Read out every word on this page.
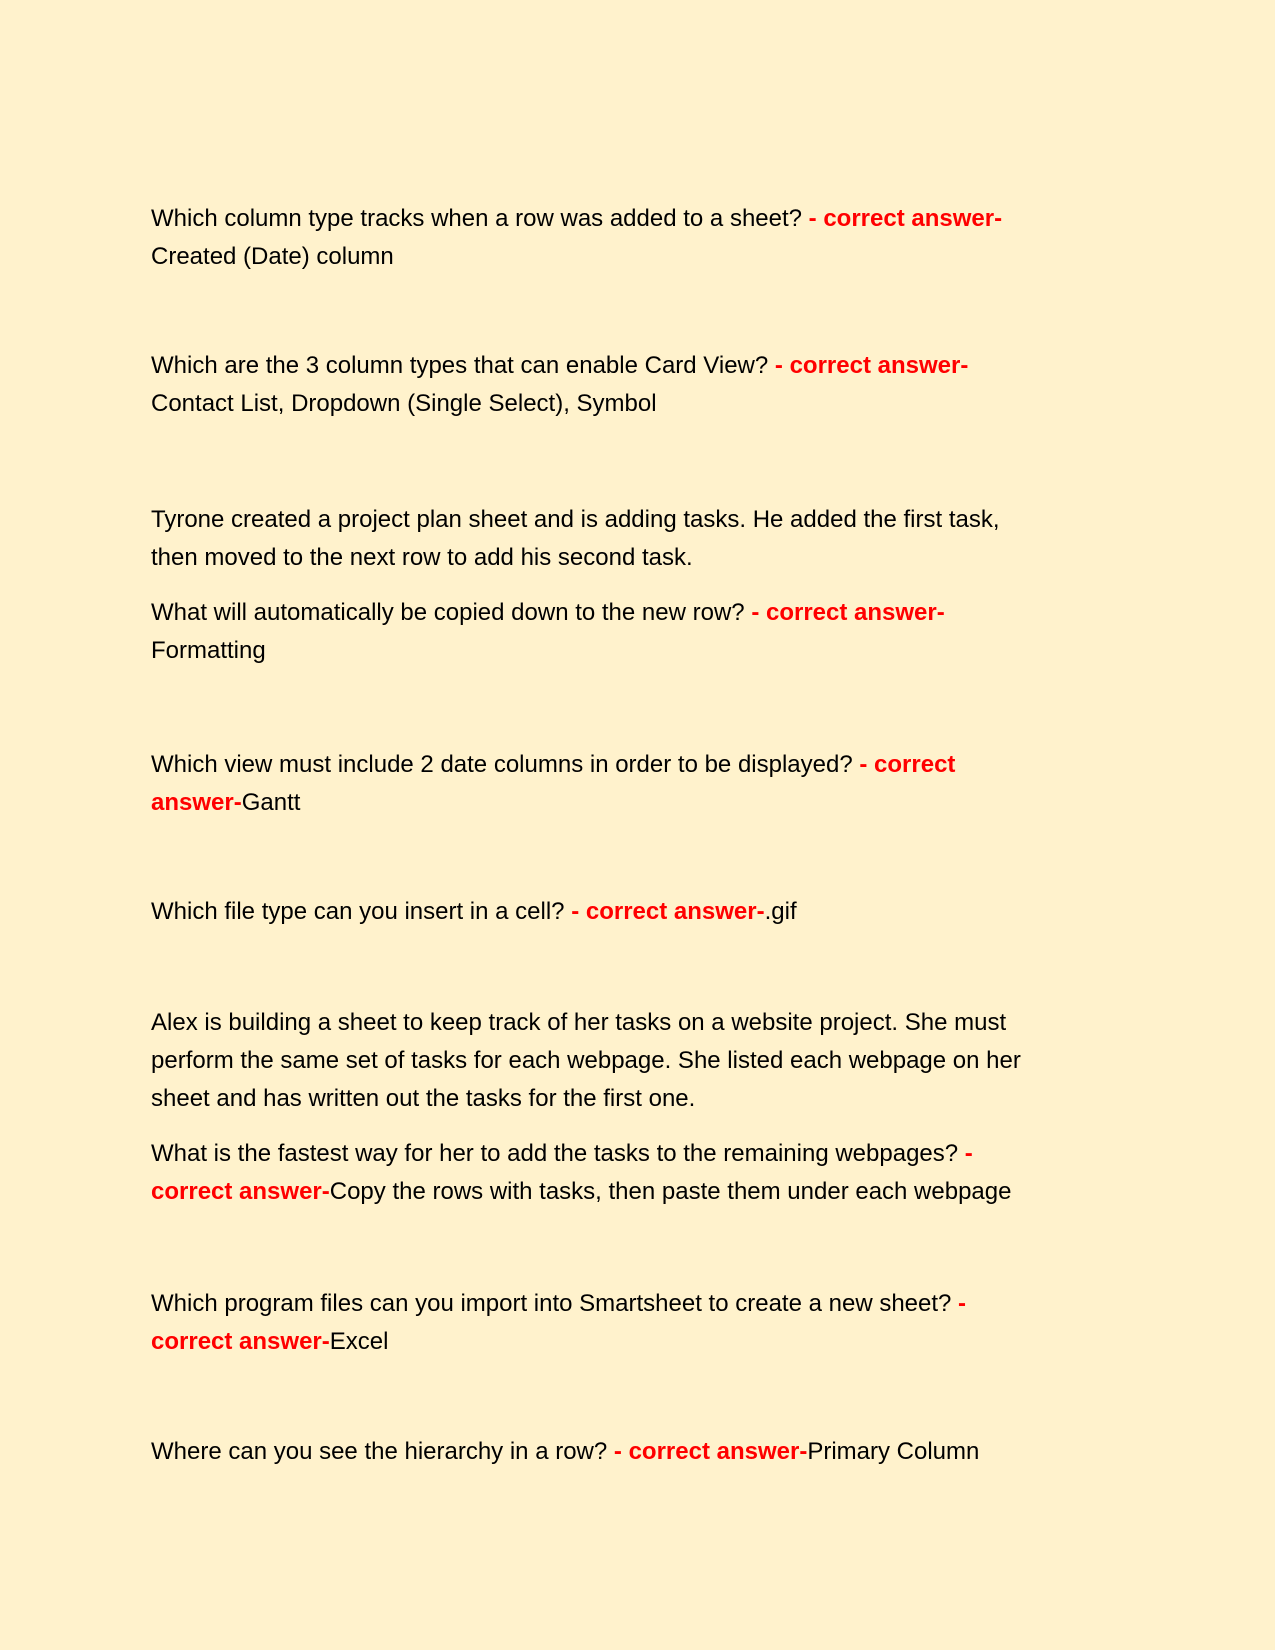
Which column type tracks when a row was added to a sheet? - correct answer-
Created (Date) column

Which are the 3 column types that can enable Card View? - correct answer-
Contact List, Dropdown (Single Select), Symbol

Tyrone created a project plan sheet and is adding tasks. He added the first task,
then moved to the next row to add his second task.

What will automatically be copied down to the new row? - correct answer-
Formatting

Which view must include 2 date columns in order to be displayed? - correct
answer-Gantt

Which file type can you insert in a cell? - correct answer-.gif

Alex is building a sheet to keep track of her tasks on a website project. She must
perform the same set of tasks for each webpage. She listed each webpage on her
sheet and has written out the tasks for the first one.

What is the fastest way for her to add the tasks to the remaining webpages? -
correct answer-Copy the rows with tasks, then paste them under each webpage

Which program files can you import into Smartsheet to create a new sheet? -
correct answer-Excel

Where can you see the hierarchy in a row? - correct answer-Primary Column
